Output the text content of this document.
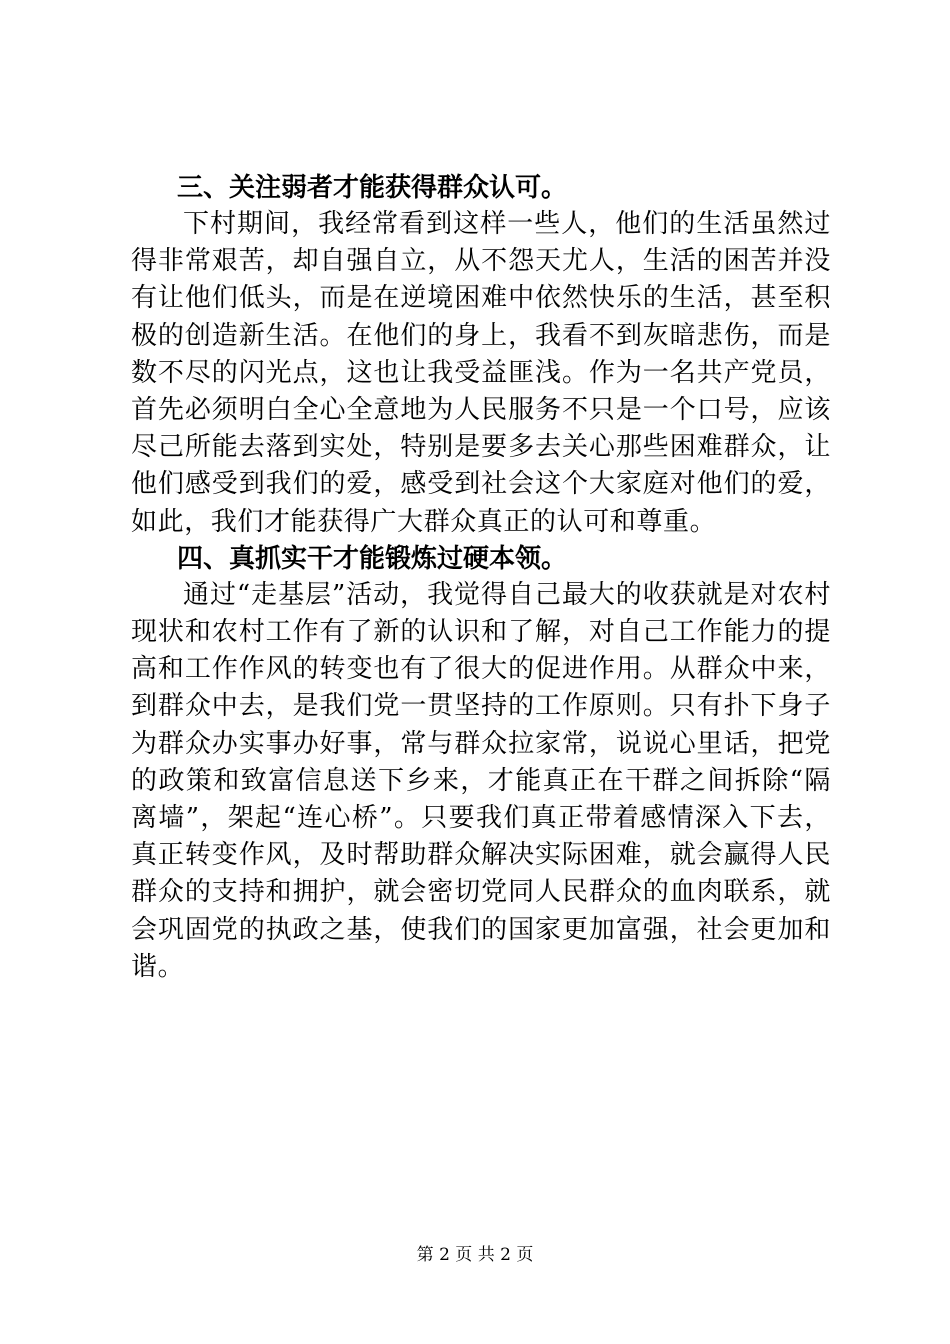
三、关注弱者才能获得群众认可。

下村期间，我经常看到这样一些人，他们的生活虽然过得非常艰苦，却自强自立，从不怨天尤人，生活的困苦并没有让他们低头，而是在逆境困难中依然快乐的生活，甚至积极的创造新生活。在他们的身上，我看不到灰暗悲伤，而是数不尽的闪光点，这也让我受益匪浅。作为一名共产党员，首先必须明白全心全意地为人民服务不只是一个口号，应该尽己所能去落到实处，特别是要多去关心那些困难群众，让他们感受到我们的爱，感受到社会这个大家庭对他们的爱，如此，我们才能获得广大群众真正的认可和尊重。

四、真抓实干才能锻炼过硬本领。

通过“走基层”活动，我觉得自己最大的收获就是对农村现状和农村工作有了新的认识和了解，对自己工作能力的提高和工作作风的转变也有了很大的促进作用。从群众中来，到群众中去，是我们党一贯坚持的工作原则。只有扑下身子为群众办实事办好事，常与群众拉家常，说说心里话，把党的政策和致富信息送下乡来，才能真正在干群之间拆除“隔离墙”，架起“连心桥”。只要我们真正带着感情深入下去，真正转变作风，及时帮助群众解决实际困难，就会赢得人民群众的支持和拥护，就会密切党同人民群众的血肉联系，就会巩固党的执政之基，使我们的国家更加富强，社会更加和谐。

第 2 页 共 2 页
